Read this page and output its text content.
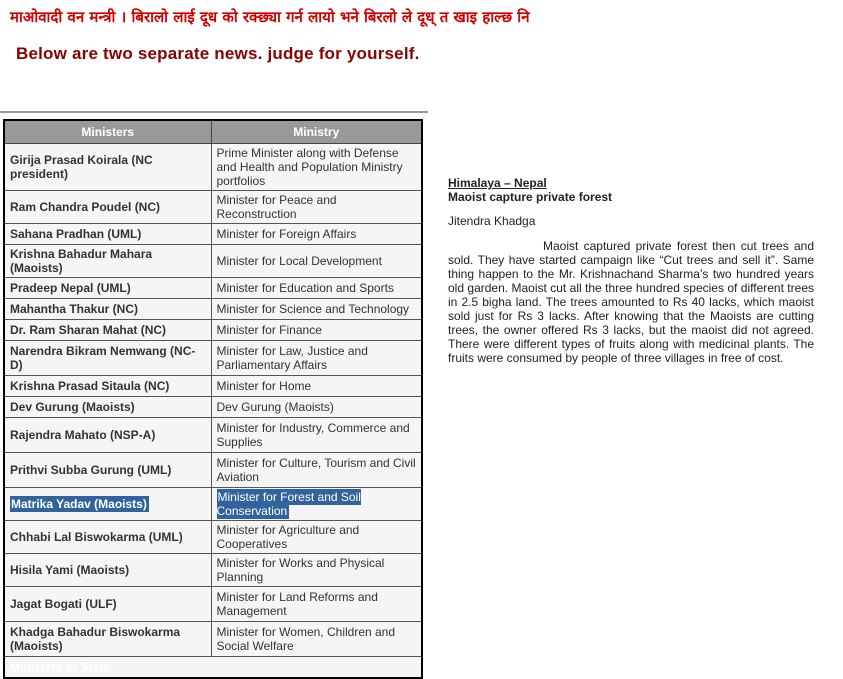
माओवादी वन मन्त्री । बिरालो लाई दूध को रक्छ्या गर्न लायो भने बिरलो ले दूध् त खाइ हाल्छ नि
Below are two separate news. judge for yourself.
Ministers	Ministry
Girija Prasad Koirala (NC president)	Prime Minister along with Defense and Health and Population Ministry portfolios
Ram Chandra Poudel (NC)	Minister for Peace and Reconstruction
Sahana Pradhan (UML)	Minister for Foreign Affairs
Krishna Bahadur Mahara (Maoists)	Minister for Local Development
Pradeep Nepal (UML)	Minister for Education and Sports
Mahantha Thakur (NC)	Minister for Science and Technology
Dr. Ram Sharan Mahat (NC)	Minister for Finance
Narendra Bikram Nemwang (NC-D)	Minister for Law, Justice and Parliamentary Affairs
Krishna Prasad Sitaula (NC)	Minister for Home
Dev Gurung (Maoists)	Dev Gurung (Maoists)
Rajendra Mahato (NSP-A)	Minister for Industry, Commerce and Supplies
Prithvi Subba Gurung (UML)	Minister for Culture, Tourism and Civil Aviation
Matrika Yadav (Maoists)	Minister for Forest and Soil Conservation
Chhabi Lal Biswokarma (UML)	Minister for Agriculture and Cooperatives
Hisila Yami (Maoists)	Minister for Works and Physical Planning
Jagat Bogati (ULF)	Minister for Land Reforms and Management
Khadga Bahadur Biswokarma (Maoists)	Minister for Women, Children and Social Welfare
Ministers of State	

Himalaya – Nepal

Maoist capture private forest

Jitendra Khadga

Maoist captured private forest then cut trees and sold. They have started campaign like “Cut trees and sell it”. Same thing happen to the Mr. Krishnachand Sharma’s two hundred years old garden. Maoist cut all the three hundred species of different trees in 2.5 bigha land. The trees amounted to Rs 40 lacks, which maoist sold just for Rs 3 lacks. After knowing that the Maoists are cutting trees, the owner offered Rs 3 lacks, but the maoist did not agreed. There were different types of fruits along with medicinal plants. The fruits were consumed by people of three villages in free of cost.
